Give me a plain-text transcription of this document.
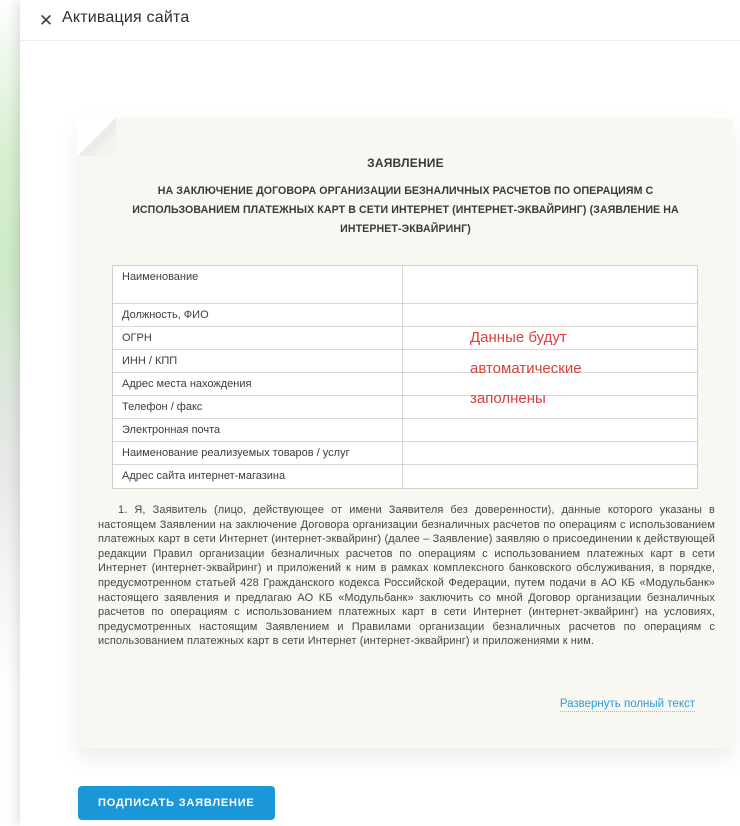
✕ Активация сайта
ЗАЯВЛЕНИЕ
НА ЗАКЛЮЧЕНИЕ ДОГОВОРА ОРГАНИЗАЦИИ БЕЗНАЛИЧНЫХ РАСЧЕТОВ ПО ОПЕРАЦИЯМ С ИСПОЛЬЗОВАНИЕМ ПЛАТЕЖНЫХ КАРТ В СЕТИ ИНТЕРНЕТ (ИНТЕРНЕТ-ЭКВАЙРИНГ) (ЗАЯВЛЕНИЕ НА ИНТЕРНЕТ-ЭКВАЙРИНГ)
Наименование
Должность, ФИО
ОГРН
ИНН / КПП
Адрес места нахождения
Телефон / факс
Электронная почта
Наименование реализуемых товаров / услуг
Адрес сайта интернет-магазина
Данные будут автоматические заполнены
1. Я, Заявитель (лицо, действующее от имени Заявителя без доверенности), данные которого указаны в настоящем Заявлении на заключение Договора организации безналичных расчетов по операциям с использованием платежных карт в сети Интернет (интернет-эквайринг) (далее – Заявление) заявляю о присоединении к действующей редакции Правил организации безналичных расчетов по операциям с использованием платежных карт в сети Интернет (интернет-эквайринг) и приложений к ним в рамках комплексного банковского обслуживания, в порядке, предусмотренном статьей 428 Гражданского кодекса Российской Федерации, путем подачи в АО КБ «Модульбанк» настоящего заявления и предлагаю АО КБ «Модульбанк» заключить со мной Договор организации безналичных расчетов по операциям с использованием платежных карт в сети Интернет (интернет-эквайринг) на условиях, предусмотренных настоящим Заявлением и Правилами организации безналичных расчетов по операциям с использованием платежных карт в сети Интернет (интернет-эквайринг) и приложениями к ним.
Развернуть полный текст
ПОДПИСАТЬ ЗАЯВЛЕНИЕ
